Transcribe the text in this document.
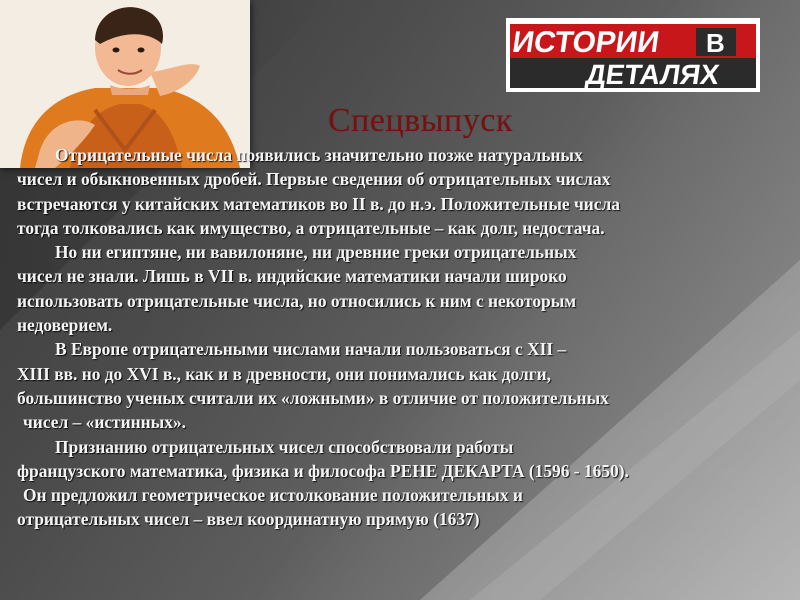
ИСТОРИИ В
ДЕТАЛЯХ
Спецвыпуск
Отрицательные числа появились значительно позже натуральных
чисел и обыкновенных дробей. Первые сведения об отрицательных числах
встречаются у китайских математиков во II в. до н.э. Положительные числа
тогда толковались как имущество, а отрицательные – как долг, недостача.
Но ни египтяне, ни вавилоняне, ни древние греки отрицательных
чисел не знали. Лишь в VII в. индийские математики начали широко
использовать отрицательные числа, но относились к ним с некоторым
недоверием.
В Европе отрицательными числами начали пользоваться с XII –
XIII вв. но до XVI в., как и в древности, они понимались как долги,
большинство ученых считали их «ложными» в отличие от положительных
чисел – «истинных».
Признанию отрицательных чисел способствовали работы
французского математика, физика и философа РЕНЕ ДЕКАРТА (1596 - 1650).
Он предложил геометрическое истолкование положительных и
отрицательных чисел – ввел координатную прямую (1637)
